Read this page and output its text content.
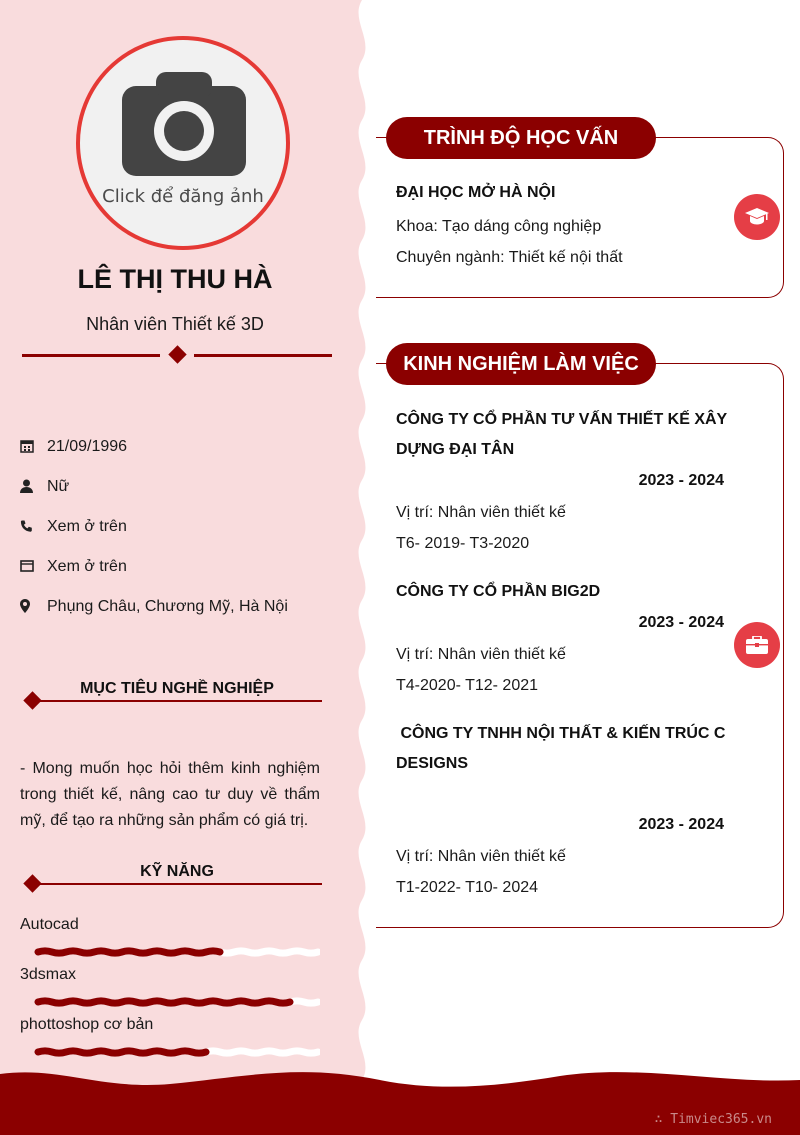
Click để đăng ảnh
LÊ THỊ THU HÀ
Nhân viên Thiết kế 3D
21/09/1996
Nữ
Xem ở trên
Xem ở trên
Phụng Châu, Chương Mỹ, Hà Nội
MỤC TIÊU NGHỀ NGHIỆP
- Mong muốn học hỏi thêm kinh nghiệm trong thiết kế, nâng cao tư duy về thẩm mỹ, để tạo ra những sản phẩm có giá trị.
KỸ NĂNG
Autocad
3dsmax
phottoshop cơ bản
TRÌNH ĐỘ HỌC VẤN
ĐẠI HỌC MỞ HÀ NỘI
Khoa: Tạo dáng công nghiệp
Chuyên ngành: Thiết kế nội thất
KINH NGHIỆM LÀM VIỆC
CÔNG TY CỔ PHẦN TƯ VẤN THIẾT KẾ XÂY DỰNG ĐẠI TÂN
2023 - 2024
Vị trí: Nhân viên thiết kế
T6- 2019- T3-2020
CÔNG TY CỔ PHẦN BIG2D
2023 - 2024
Vị trí: Nhân viên thiết kế
T4-2020- T12- 2021
CÔNG TY TNHH NỘI THẤT & KIẾN TRÚC C DESIGNS
2023 - 2024
Vị trí: Nhân viên thiết kế
T1-2022- T10- 2024
∴ Timviec365.vn
